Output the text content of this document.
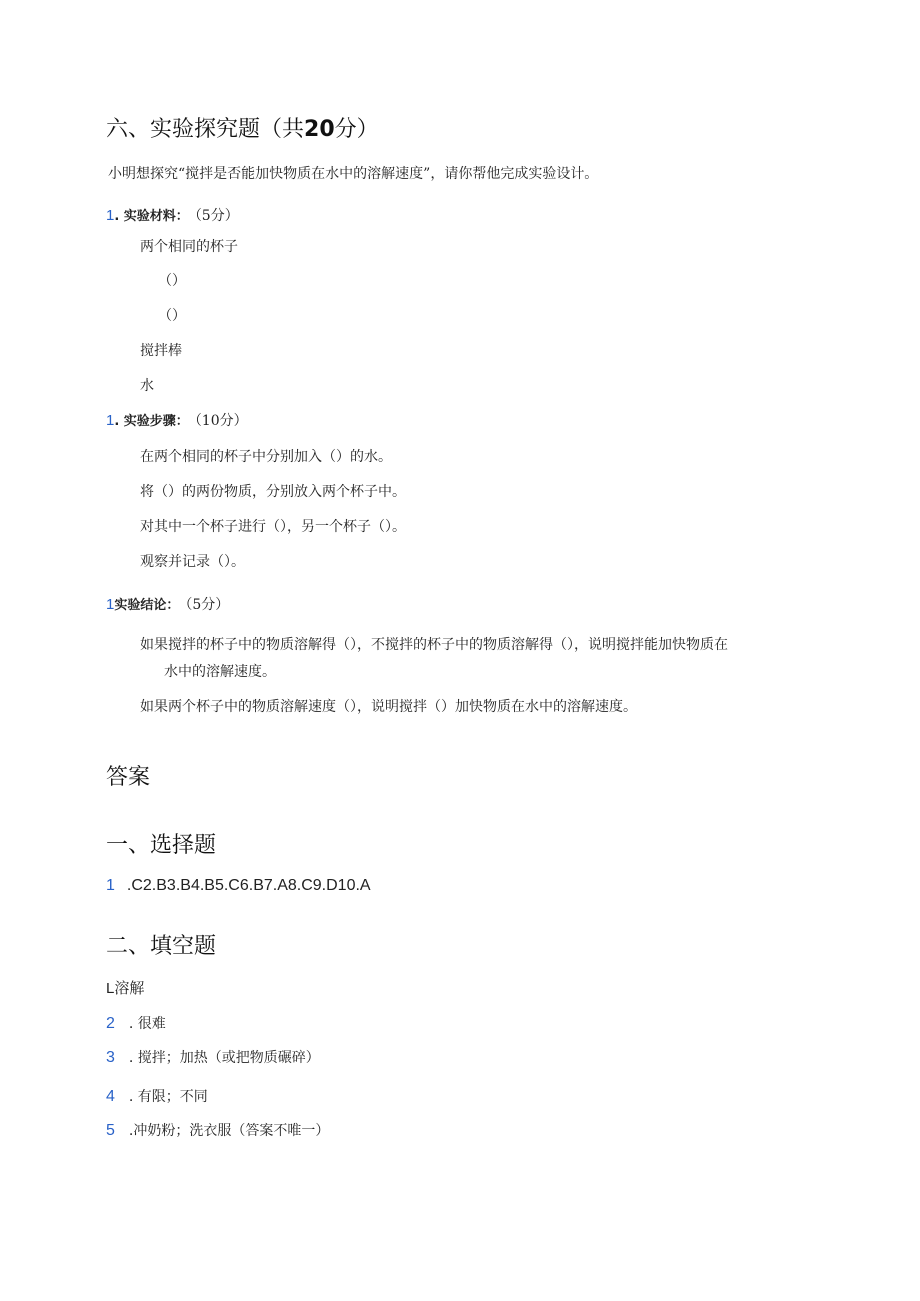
六、实验探究题（共20分）
小明想探究“搅拌是否能加快物质在水中的溶解速度”，请你帮他完成实验设计。
1. 实验材料： （5分）
两个相同的杯子
（）
（）
搅拌棒
水
1. 实验步骤： （10分）
在两个相同的杯子中分别加入（）的水。
将（）的两份物质，分别放入两个杯子中。
对其中一个杯子进行（），另一个杯子（）。
观察并记录（）。
1实验结论： （5分）
如果搅拌的杯子中的物质溶解得（），不搅拌的杯子中的物质溶解得（），说明搅拌能加快物质在
水中的溶解速度。
如果两个杯子中的物质溶解速度（），说明搅拌（）加快物质在水中的溶解速度。
答案
一、选择题
1 .C2.B3.B4.B5.C6.B7.A8.C9.D10.A
二、填空题
L溶解
2 . 很难
3 . 搅拌；加热（或把物质碾碎）
4 . 有限；不同
5 .冲奶粉；洗衣服（答案不唯一）
